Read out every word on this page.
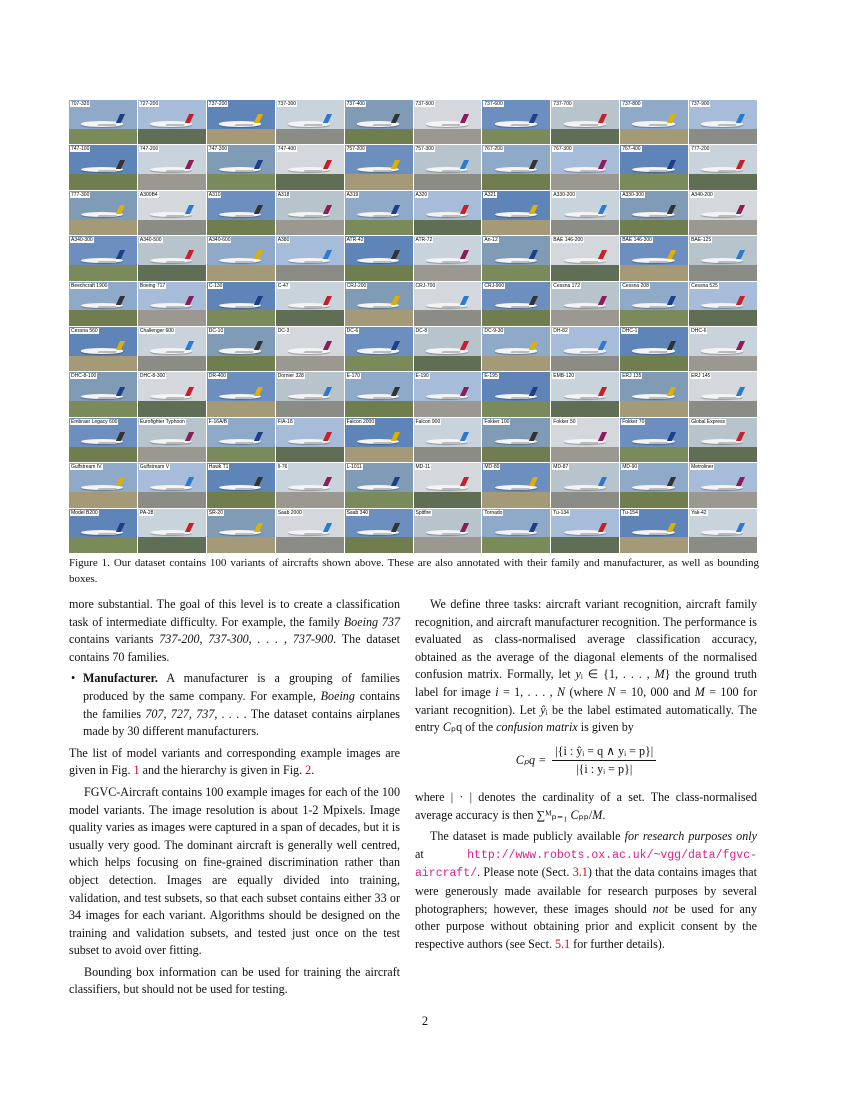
707-320	727-200	737-200	737-300	737-400	737-500	737-600	737-700	737-800	737-900
747-100	747-200	747-300	747-400	757-200	757-300	767-200	767-300	767-400	777-200
777-300	A300B4	A310	A318	A319	A320	A321	A330-200	A330-300	A340-200
A340-300	A340-500	A340-600	A380	ATR-42	ATR-72	An-12	BAE 146-200	BAE 146-300	BAE-125
Beechcraft 1900	Boeing 717	C-130	C-47	CRJ-200	CRJ-700	CRJ-900	Cessna 172	Cessna 208	Cessna 525
Cessna 560	Challenger 600	DC-10	DC-3	DC-6	DC-8	DC-9-30	DH-82	DHC-1	DHC-6
DHC-8-100	DHC-8-300	DR-400	Dornier 328	E-170	E-190	E-195	EMB-120	ERJ 135	ERJ 145
Embraer Legacy 600	Eurofighter Typhoon	F-16A/B	F/A-18	Falcon 2000	Falcon 900	Fokker 100	Fokker 50	Fokker 70	Global Express
Gulfstream IV	Gulfstream V	Hawk T1	Il-76	L-1011	MD-11	MD-80	MD-87	MD-90	Metroliner
Model B200	PA-28	SR-20	Saab 2000	Saab 340	Spitfire	Tornado	Tu-134	Tu-154	Yak-42
Figure 1. Our dataset contains 100 variants of aircrafts shown above. These are also annotated with their family and manufacturer, as well as bounding boxes.

more substantial. The goal of this level is to create a classification task of intermediate difficulty. For example, the family Boeing 737 contains variants 737-200, 737-300, . . . , 737-900. The dataset contains 70 families.

• Manufacturer. A manufacturer is a grouping of families produced by the same company. For example, Boeing contains the families 707, 727, 737, . . . . The dataset contains airplanes made by 30 different manufacturers.

The list of model variants and corresponding example images are given in Fig. 1 and the hierarchy is given in Fig. 2.

FGVC-Aircraft contains 100 example images for each of the 100 model variants. The image resolution is about 1-2 Mpixels. Image quality varies as images were captured in a span of decades, but it is usually very good. The dominant aircraft is generally well centred, which helps focusing on fine-grained discrimination rather than object detection. Images are equally divided into training, validation, and test subsets, so that each subset contains either 33 or 34 images for each variant. Algorithms should be designed on the training and validation subsets, and tested just once on the test subset to avoid over fitting.

Bounding box information can be used for training the aircraft classifiers, but should not be used for testing.

We define three tasks: aircraft variant recognition, aircraft family recognition, and aircraft manufacturer recognition. The performance is evaluated as class-normalised average classification accuracy, obtained as the average of the diagonal elements of the normalised confusion matrix. Formally, let yᵢ ∈ {1, . . . , M} the ground truth label for image i = 1, . . . , N (where N = 10, 000 and M = 100 for variant recognition). Let ŷᵢ be the label estimated automatically. The entry Cₚq of the confusion matrix is given by

$C_pq = \frac{\text{|\{i : ŷᵢ = q ∧ yᵢ = p\}|}}{\text{|\{i : yᵢ = p\}|}}$

where | · | denotes the cardinality of a set. The class-normalised average accuracy is then ∑ᴹₚ₌₁ Cₚₚ/M.

The dataset is made publicly available for research purposes only at http://www.robots.ox.ac.uk/~vgg/data/fgvc-aircraft/. Please note (Sect. 3.1) that the data contains images that were generously made available for research purposes by several photographers; however, these images should not be used for any other purpose without obtaining prior and explicit consent by the respective authors (see Sect. 5.1 for further details).

2
